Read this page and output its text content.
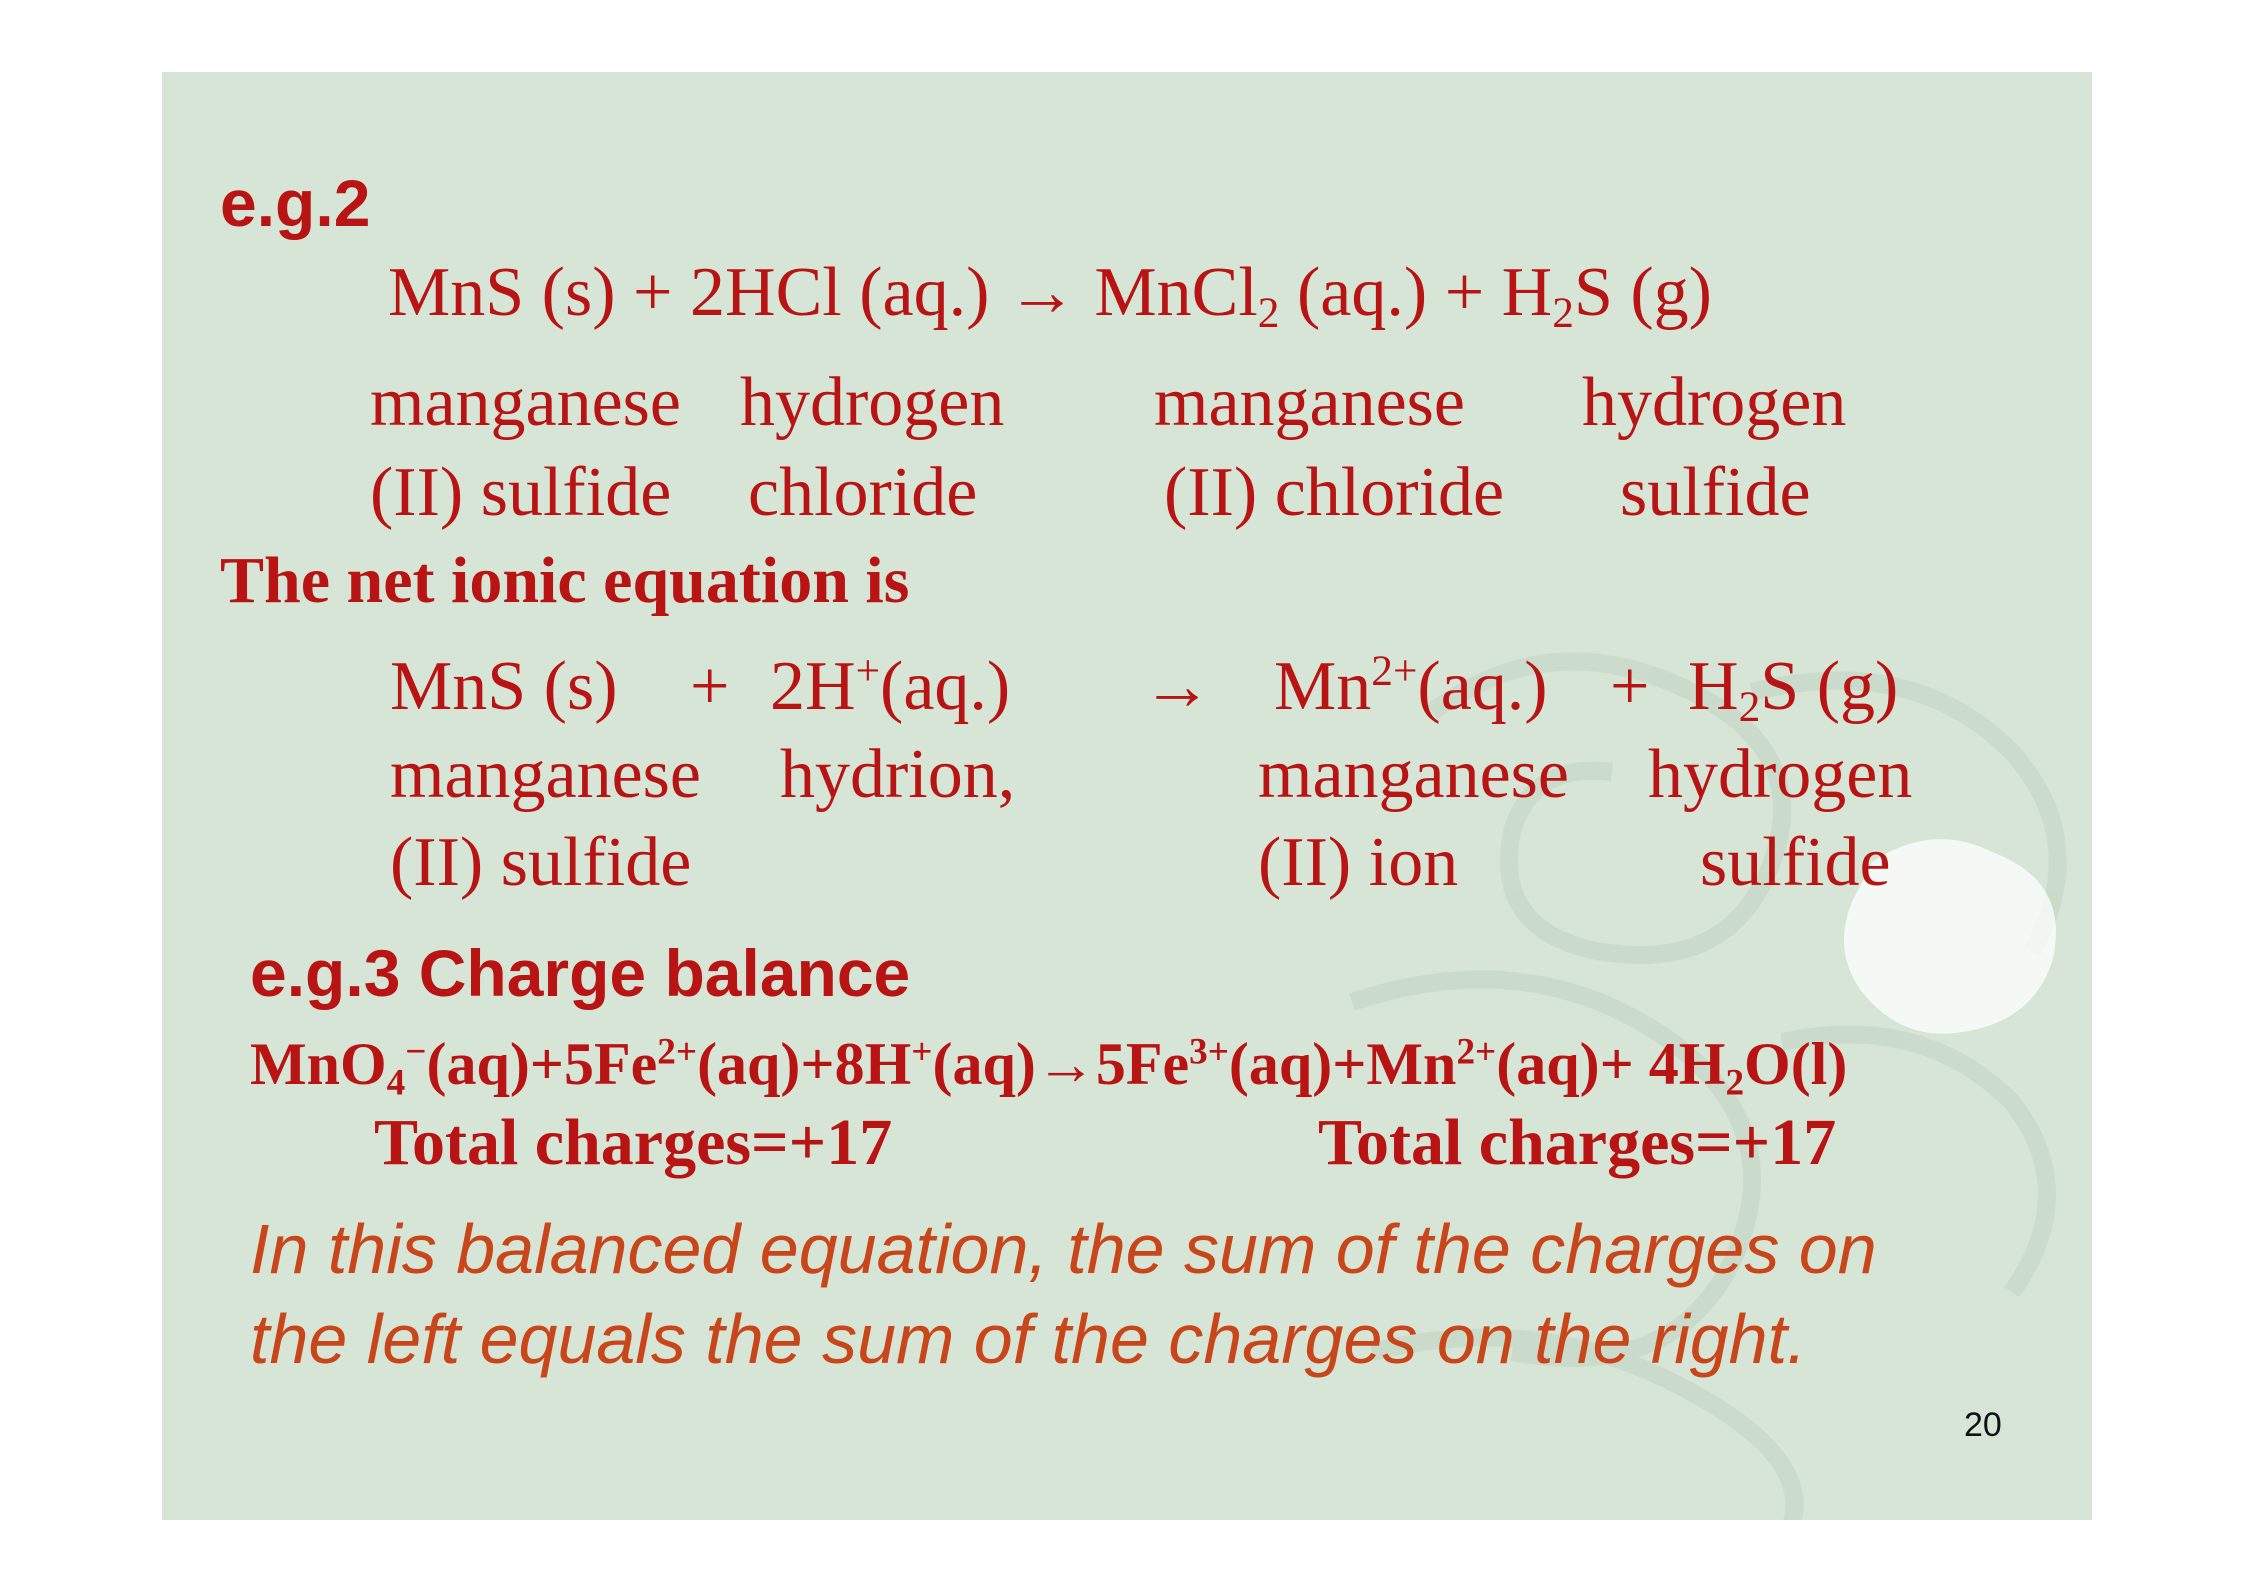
e.g.2
MnS (s) + 2HCl (aq.) → MnCl$_2$ $(aq.) + H_2S$ (g)
manganese
(II) sulfide
hydrogen
chloride
manganese
(II) chloride
hydrogen
sulfide
The net ionic equation is
MnS $(s) + 2H^+(aq.) \to Mn^{2+}(aq.) + H_2S$ (g)
manganese
(II) sulfide
hydrion,	manganese
(II) ion
hydrogen
sulfide
e.g.3 Charge balance
$MnO_4^-(aq)+5Fe^{2+}(aq)+8H^+(aq)\to 5Fe^{3+}(aq)+Mn^{2+}(aq)+ 4H_2O(l)$
Total charges=+17	Total charges=+17
In this balanced equation, the sum of the charges on
the left equals the sum of the charges on the right.
20
